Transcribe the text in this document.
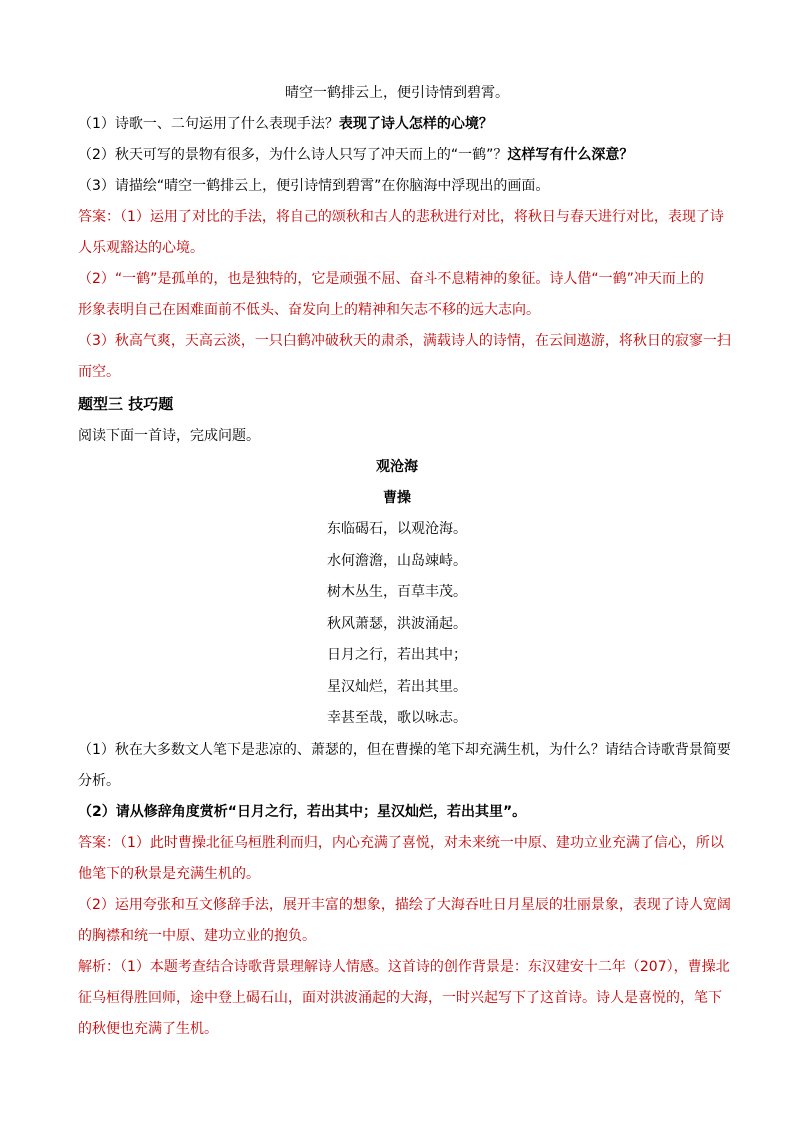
晴空一鹤排云上，便引诗情到碧霄。
（1）诗歌一、二句运用了什么表现手法？表现了诗人怎样的心境？
（2）秋天可写的景物有很多，为什么诗人只写了冲天而上的“一鹤”？这样写有什么深意？
（3）请描绘“晴空一鹤排云上，便引诗情到碧霄”在你脑海中浮现出的画面。
答案：（1）运用了对比的手法，将自己的颂秋和古人的悲秋进行对比，将秋日与春天进行对比，表现了诗
人乐观豁达的心境。
（2）“一鹤”是孤单的，也是独特的，它是顽强不屈、奋斗不息精神的象征。诗人借“一鹤”冲天而上的
形象表明自己在困难面前不低头、奋发向上的精神和矢志不移的远大志向。
（3）秋高气爽，天高云淡，一只白鹤冲破秋天的肃杀，满载诗人的诗情，在云间遨游，将秋日的寂寥一扫
而空。
题型三 技巧题
阅读下面一首诗，完成问题。
观沧海
曹操
东临碣石，以观沧海。
水何澹澹，山岛竦峙。
树木丛生，百草丰茂。
秋风萧瑟，洪波涌起。
日月之行，若出其中；
星汉灿烂，若出其里。
幸甚至哉，歌以咏志。
（1）秋在大多数文人笔下是悲凉的、萧瑟的，但在曹操的笔下却充满生机，为什么？请结合诗歌背景简要
分析。
（2）请从修辞角度赏析“日月之行，若出其中；星汉灿烂，若出其里”。
答案：（1）此时曹操北征乌桓胜利而归，内心充满了喜悦，对未来统一中原、建功立业充满了信心，所以
他笔下的秋景是充满生机的。
（2）运用夸张和互文修辞手法，展开丰富的想象，描绘了大海吞吐日月星辰的壮丽景象，表现了诗人宽阔
的胸襟和统一中原、建功立业的抱负。
解析：（1）本题考查结合诗歌背景理解诗人情感。这首诗的创作背景是：东汉建安十二年（207），曹操北
征乌桓得胜回师，途中登上碣石山，面对洪波涌起的大海，一时兴起写下了这首诗。诗人是喜悦的，笔下
的秋便也充满了生机。
